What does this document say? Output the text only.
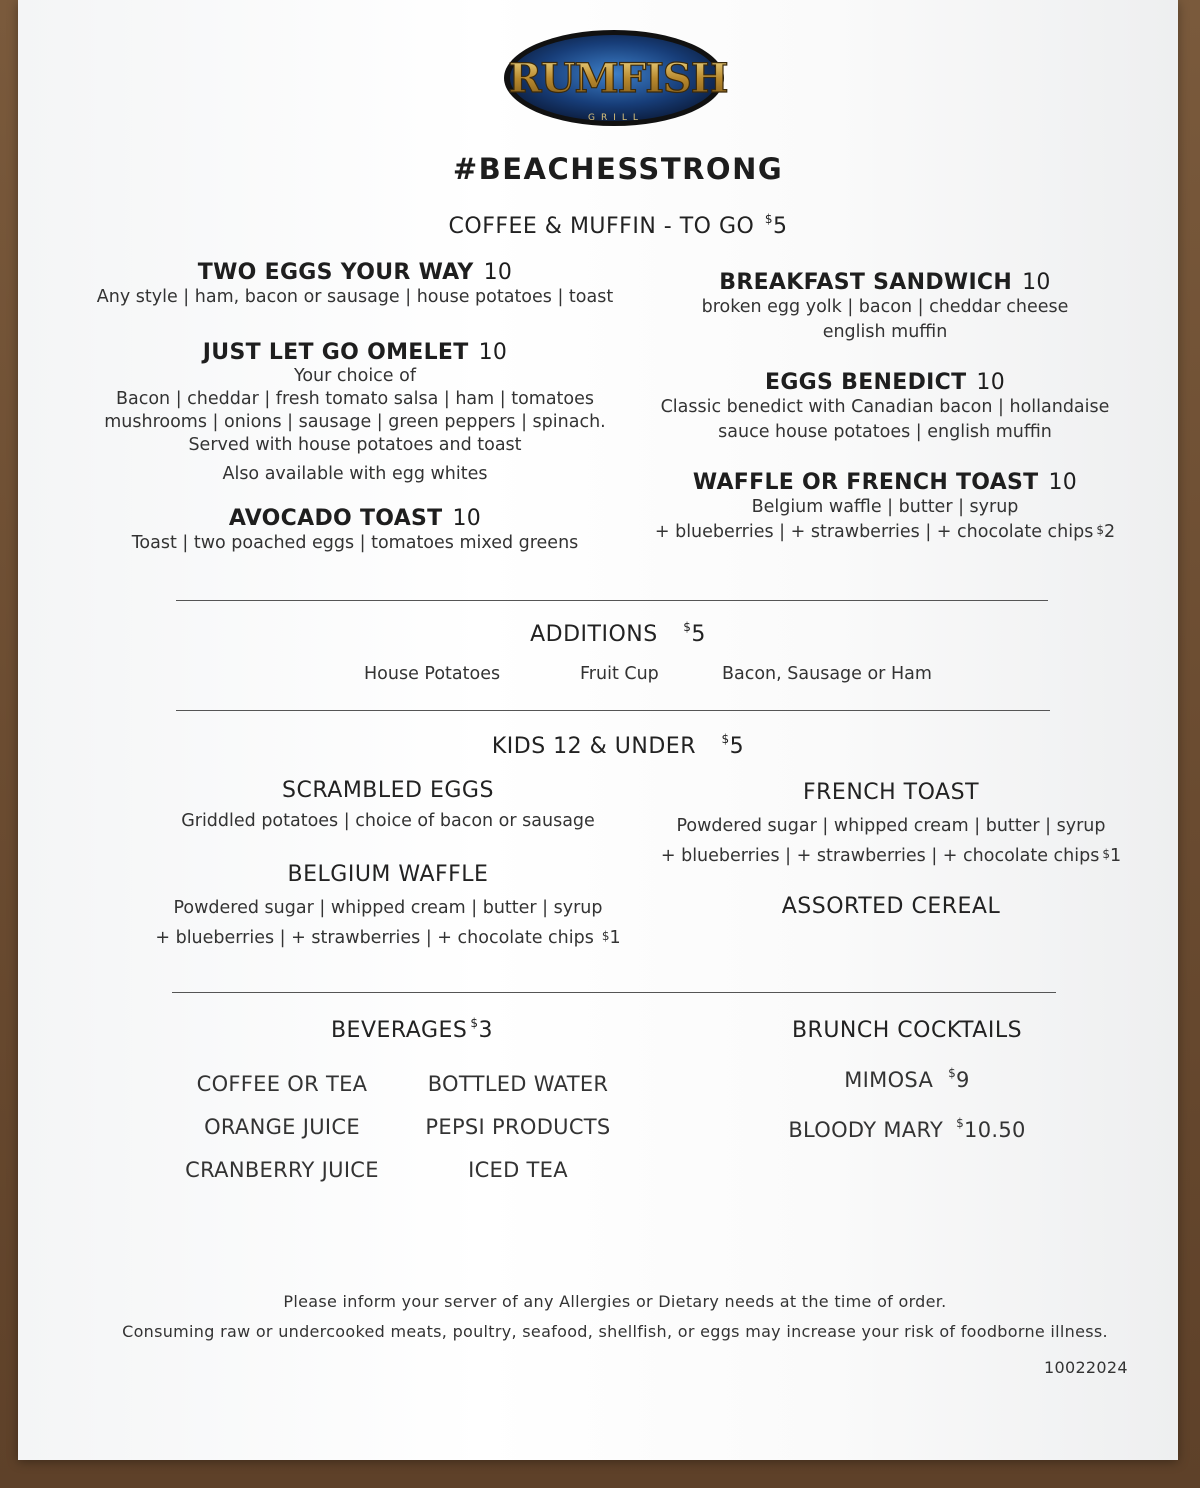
RUMFISH
GRILL
#BEACHESSTRONG
COFFEE & MUFFIN - TO GO $5
TWO EGGS YOUR WAY 10
Any style | ham, bacon or sausage | house potatoes | toast
JUST LET GO OMELET 10
Your choice of
Bacon | cheddar | fresh tomato salsa | ham | tomatoes
mushrooms | onions | sausage | green peppers | spinach.
Served with house potatoes and toast
Also available with egg whites
AVOCADO TOAST 10
Toast | two poached eggs | tomatoes mixed greens
BREAKFAST SANDWICH 10
broken egg yolk | bacon | cheddar cheese
english muffin
EGGS BENEDICT 10
Classic benedict with Canadian bacon | hollandaise
sauce house potatoes | english muffin
WAFFLE OR FRENCH TOAST 10
Belgium waffle | butter | syrup
+ blueberries | + strawberries | + chocolate chips $2
ADDITIONS $5
House Potatoes	Fruit Cup	Bacon, Sausage or Ham
KIDS 12 & UNDER $5
SCRAMBLED EGGS
Griddled potatoes | choice of bacon or sausage
BELGIUM WAFFLE
Powdered sugar | whipped cream | butter | syrup
+ blueberries | + strawberries | + chocolate chips $1
FRENCH TOAST
Powdered sugar | whipped cream | butter | syrup
+ blueberries | + strawberries | + chocolate chips $1
ASSORTED CEREAL
BEVERAGES $3
COFFEE OR TEA
ORANGE JUICE
CRANBERRY JUICE
BOTTLED WATER
PEPSI PRODUCTS
ICED TEA
BRUNCH COCKTAILS
MIMOSA $9
BLOODY MARY $10.50
Please inform your server of any Allergies or Dietary needs at the time of order.
Consuming raw or undercooked meats, poultry, seafood, shellfish, or eggs may increase your risk of foodborne illness.
10022024
